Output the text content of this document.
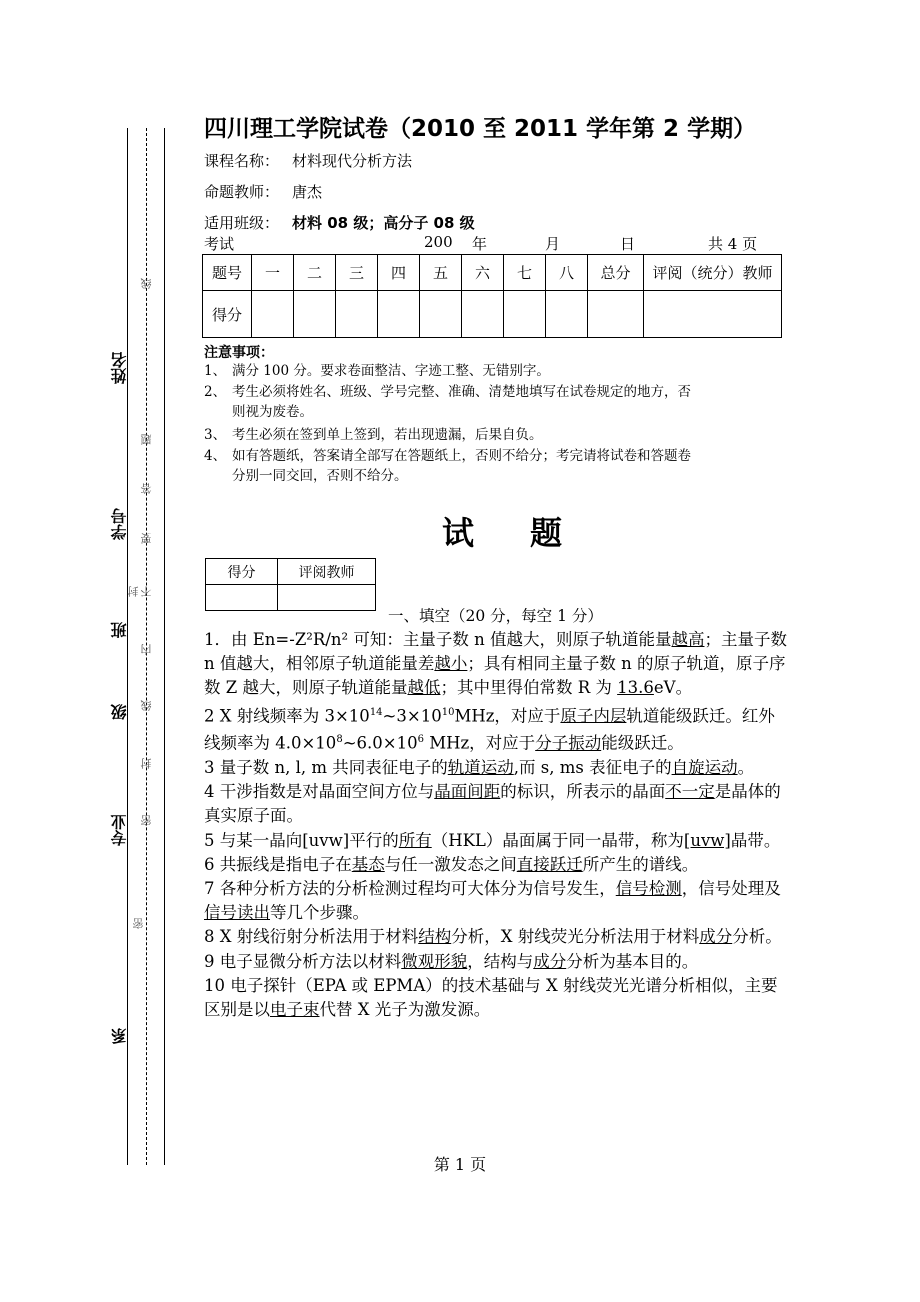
姓名
学号
班
级
专业
系
线
题
答
要
不
封
内
线
封
密
密
四川理工学院试卷（2010 至 2011 学年第 2 学期）
课程名称： 材料现代分析方法
命题教师： 唐杰
适用班级： 材料 08 级；高分子 08 级
考试	200 年	月	日	共 4 页
题号	一	二	三	四	五	六	七	八	总分	评阅（统分）教师
得分										
注意事项：
1、 满分 100 分。要求卷面整洁、字迹工整、无错别字。
2、 考生必须将姓名、班级、学号完整、准确、清楚地填写在试卷规定的地方，否
则视为废卷。
3、 考生必须在签到单上签到，若出现遗漏，后果自负。
4、 如有答题纸，答案请全部写在答题纸上，否则不给分；考完请将试卷和答题卷
分别一同交回，否则不给分。
试题
得分	评阅教师

一、填空（20 分，每空 1 分）

1．由 En=-Z²R/n² 可知：主量子数 n 值越大，则原子轨道能量越高；主量子数 n 值越大，相邻原子轨道能量差越小；具有相同主量子数 n 的原子轨道，原子序数 Z 越大，则原子轨道能量越低；其中里得伯常数 R 为 13.6eV。

2 X 射线频率为 $3\times 10^{14}\sim 3\times 10^{10}MHz$，对应于原子内层轨道能级跃迁。红外线频率为 $4.0\times 10^8\sim 6.0\times 10^6$ MHz，对应于分子振动能级跃迁。

3 量子数 n, l, m 共同表征电子的轨道运动,而 s, ms 表征电子的自旋运动。

4 干涉指数是对晶面空间方位与晶面间距的标识，所表示的晶面不一定是晶体的真实原子面。

5 与某一晶向[uvw]平行的所有（HKL）晶面属于同一晶带，称为[uvw]晶带。

6 共振线是指电子在基态与任一激发态之间直接跃迁所产生的谱线。

7 各种分析方法的分析检测过程均可大体分为信号发生，信号检测，信号处理及信号读出等几个步骤。

8 X 射线衍射分析法用于材料结构分析，X 射线荧光分析法用于材料成分分析。

9 电子显微分析方法以材料微观形貌，结构与成分分析为基本目的。

10 电子探针（EPA 或 EPMA）的技术基础与 X 射线荧光光谱分析相似，主要区别是以电子束代替 X 光子为激发源。

第 1 页
